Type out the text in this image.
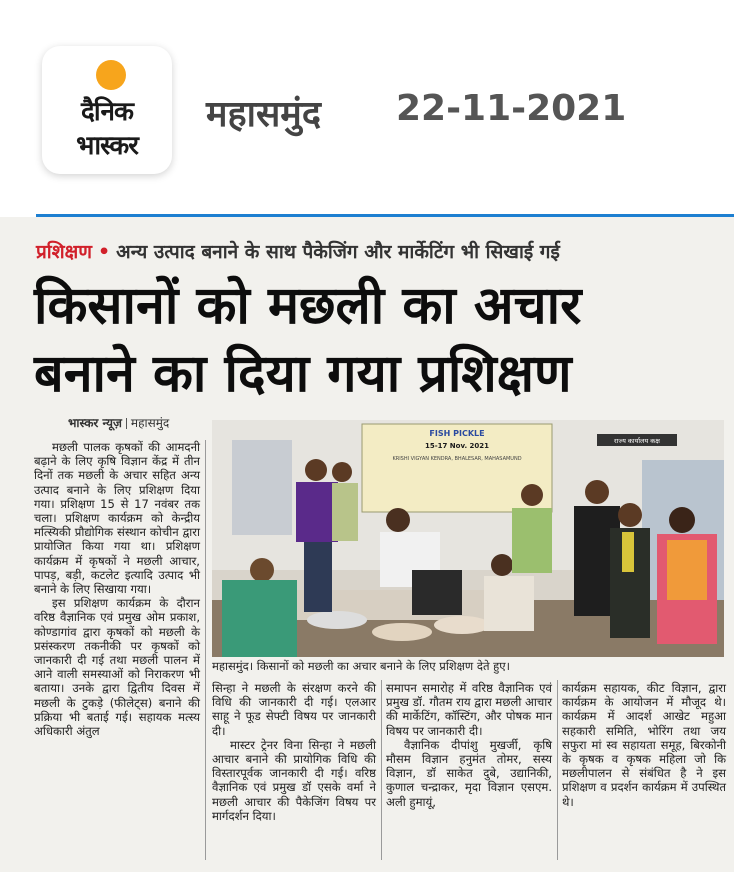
दैनिक
भास्कर
महासमुंद 22-11-2021
प्रशिक्षण • अन्य उत्पाद बनाने के साथ पैकेजिंग और मार्केटिंग भी सिखाई गई
किसानों को मछली का अचार
बनाने का दिया गया प्रशिक्षण
भास्कर न्यूज़ महासमुंद

मछली पालक कृषकों की आमदनी बढ़ाने के लिए कृषि विज्ञान केंद्र में तीन दिनों तक मछली के अचार सहित अन्य उत्पाद बनाने के लिए प्रशिक्षण दिया गया। प्रशिक्षण 15 से 17 नवंबर तक चला। प्रशिक्षण कार्यक्रम को केन्द्रीय मत्स्यिकी प्रौद्योगिक संस्थान कोचीन द्वारा प्रायोजित किया गया था। प्रशिक्षण कार्यक्रम में कृषकों ने मछली आचार, पापड़, बड़ी, कटलेट इत्यादि उत्पाद भी बनाने के लिए सिखाया गया।

इस प्रशिक्षण कार्यक्रम के दौरान वरिष्ठ वैज्ञानिक एवं प्रमुख ओम प्रकाश, कोण्डागांव द्वारा कृषकों को मछली के प्रसंस्करण तकनीकी पर कृषकों को जानकारी दी गई तथा मछली पालन में आने वाली समस्याओं को निराकरण भी बताया। उनके द्वारा द्वितीय दिवस में मछली के टुकड़े (फीलेट्स) बनाने की प्रक्रिया भी बताई गई। सहायक मत्स्य अधिकारी अंतुल

FISH PICKLE
15-17 Nov. 2021
KRISHI VIGYAN KENDRA, BHALESAR, MAHASAMUND
राज्य कार्यालय कक्ष
महासमुंद। किसानों को मछली का अचार बनाने के लिए प्रशिक्षण देते हुए।

सिन्हा ने मछली के संरक्षण करने की विधि की जानकारी दी गई। एलआर साहू ने फूड सेफ्टी विषय पर जानकारी दी।

मास्टर ट्रेनर विना सिन्हा ने मछली आचार बनाने की प्रायोगिक विधि की विस्तारपूर्वक जानकारी दी गई। वरिष्ठ वैज्ञानिक एवं प्रमुख डॉ एसके वर्मा ने मछली आचार की पैकेजिंग विषय पर मार्गदर्शन दिया।

समापन समारोह में वरिष्ठ वैज्ञानिक एवं प्रमुख डॉ. गौतम राय द्वारा मछली आचार की मार्केटिंग, कॉस्टिंग, और पोषक मान विषय पर जानकारी दी।

वैज्ञानिक दीपांशु मुखर्जी, कृषि मौसम विज्ञान हनुमंत तोमर, सस्य विज्ञान, डॉ साकेत दुबे, उद्यानिकी, कुणाल चन्द्राकर, मृदा विज्ञान एसएम. अली हुमायूं,

कार्यक्रम सहायक, कीट विज्ञान, द्वारा कार्यक्रम के आयोजन में मौजूद थे। कार्यक्रम में आदर्श आखेट महुआ सहकारी समिति, भोरिंग तथा जय सफुरा मां स्व सहायता समूह, बिरकोनी के कृषक व कृषक महिला जो कि मछलीपालन से संबंधित है ने इस प्रशिक्षण व प्रदर्शन कार्यक्रम में उपस्थित थे।
